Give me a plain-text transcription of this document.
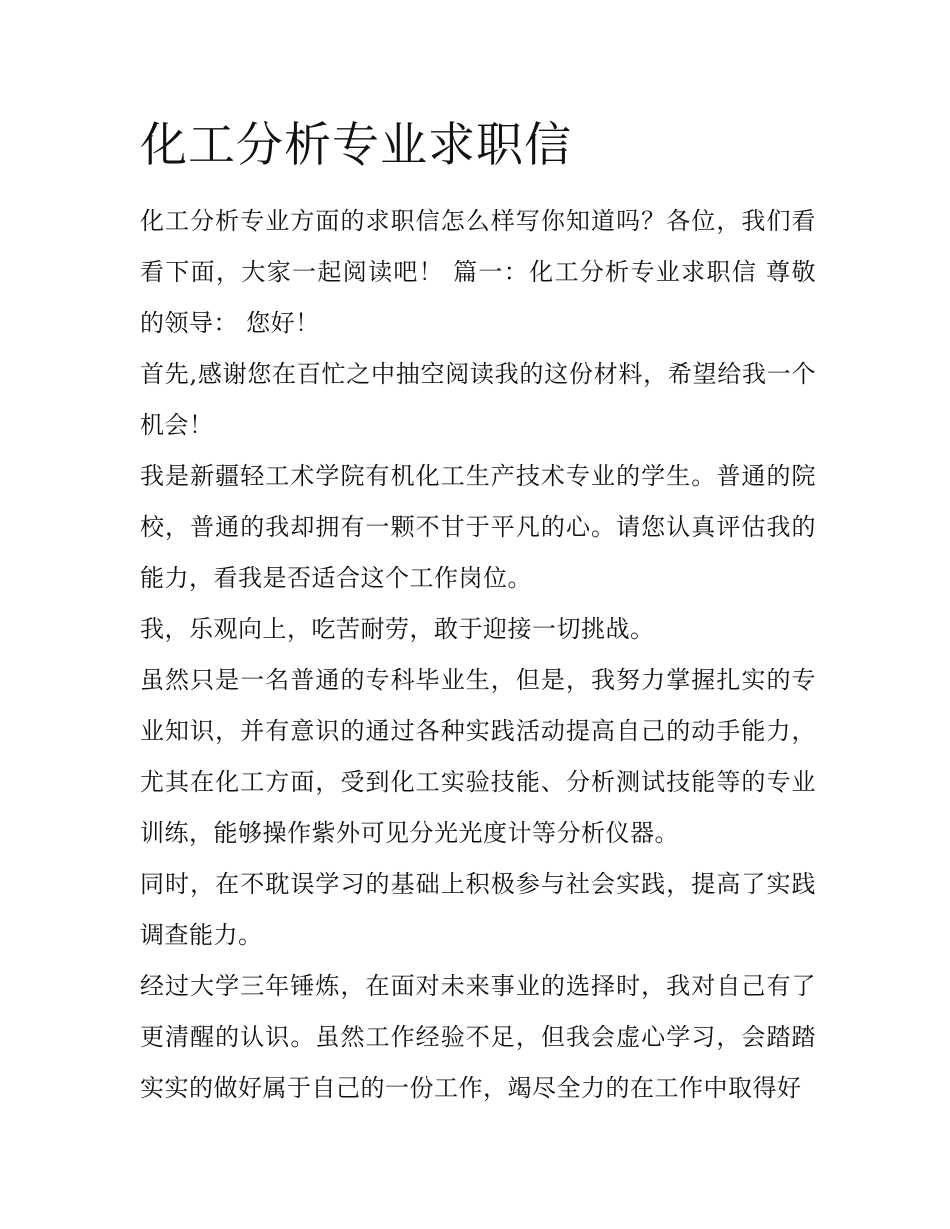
化工分析专业求职信

化工分析专业方面的求职信怎么样写你知道吗？各位，我们看看下面，大家一起阅读吧！ 篇一：化工分析专业求职信 尊敬的领导： 您好！

首先,感谢您在百忙之中抽空阅读我的这份材料，希望给我一个机会！

我是新疆轻工术学院有机化工生产技术专业的学生。普通的院校，普通的我却拥有一颗不甘于平凡的心。请您认真评估我的能力，看我是否适合这个工作岗位。

我，乐观向上，吃苦耐劳，敢于迎接一切挑战。

虽然只是一名普通的专科毕业生，但是，我努力掌握扎实的专业知识，并有意识的通过各种实践活动提高自己的动手能力，尤其在化工方面，受到化工实验技能、分析测试技能等的专业训练，能够操作紫外可见分光光度计等分析仪器。

同时，在不耽误学习的基础上积极参与社会实践，提高了实践调查能力。

经过大学三年锤炼，在面对未来事业的选择时，我对自己有了更清醒的认识。虽然工作经验不足，但我会虚心学习，会踏踏实实的做好属于自己的一份工作，竭尽全力的在工作中取得好
